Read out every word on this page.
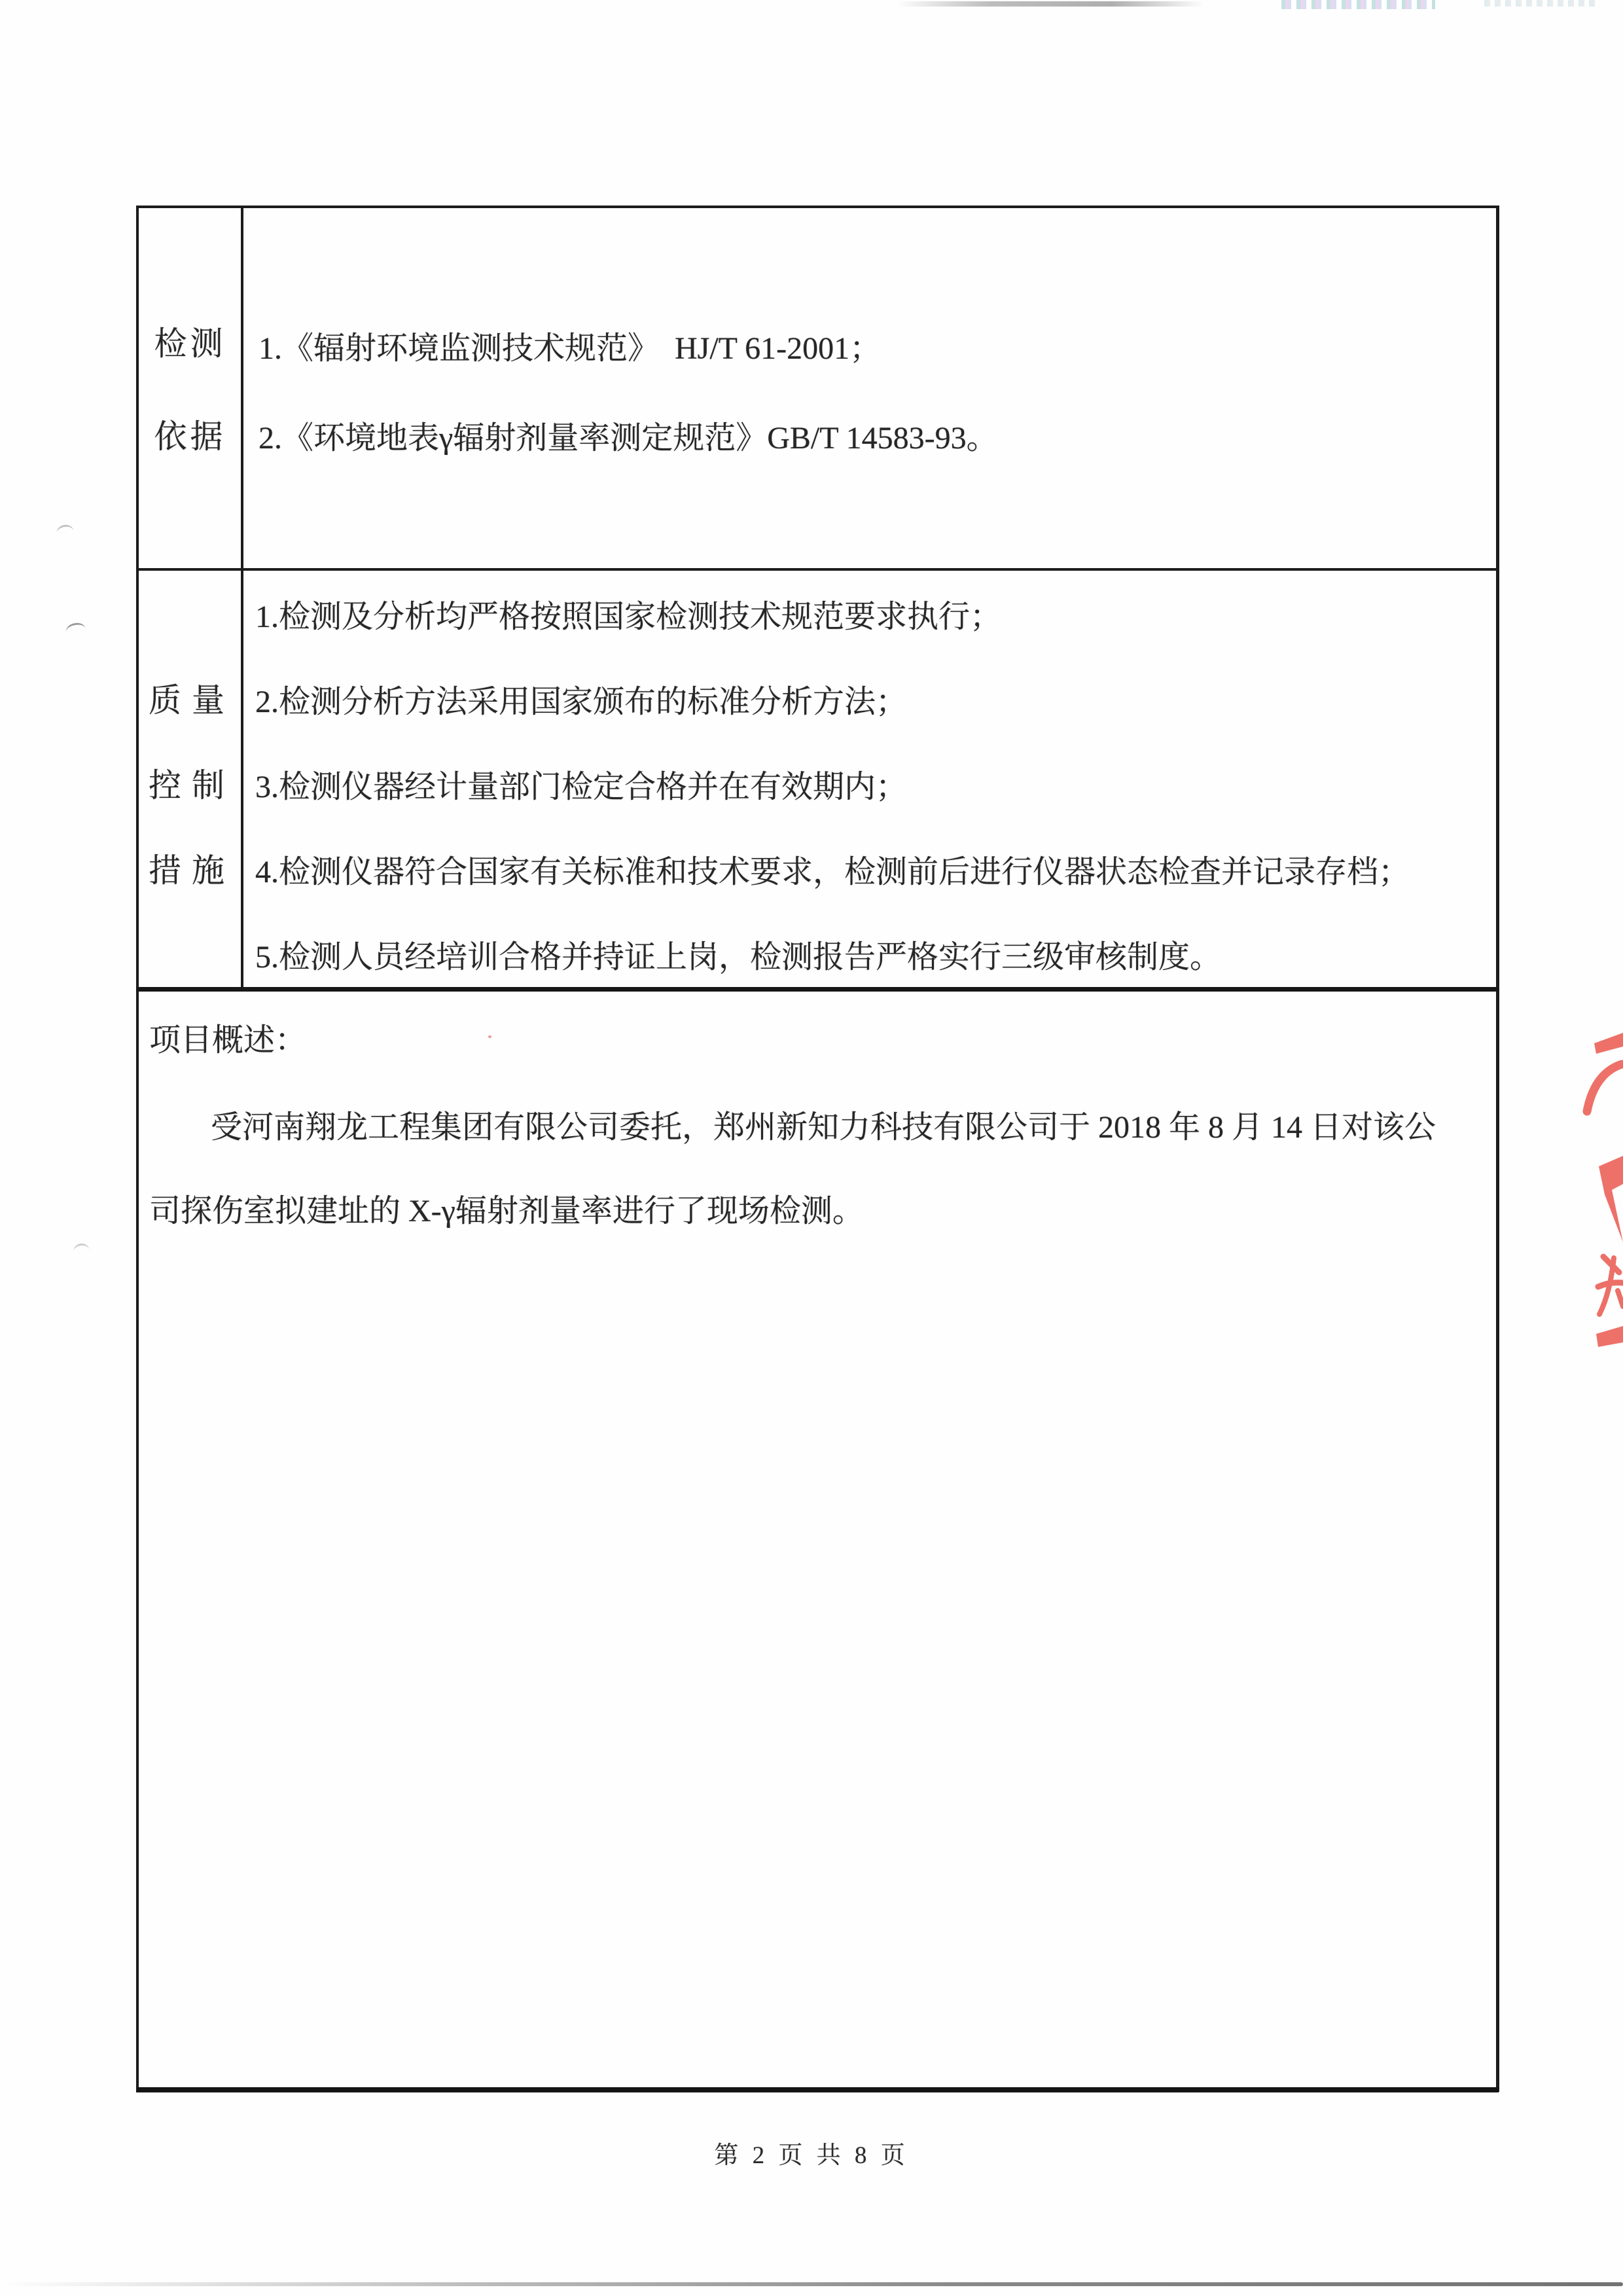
检测
依据
1.《辐射环境监测技术规范》  HJ/T 61-2001；
2.《环境地表γ辐射剂量率测定规范》GB/T 14583-93。
质量
控制
措施
1.检测及分析均严格按照国家检测技术规范要求执行；
2.检测分析方法采用国家颁布的标准分析方法；
3.检测仪器经计量部门检定合格并在有效期内；
4.检测仪器符合国家有关标准和技术要求，检测前后进行仪器状态检查并记录存档；
5.检测人员经培训合格并持证上岗，检测报告严格实行三级审核制度。
项目概述：
受河南翔龙工程集团有限公司委托，郑州新知力科技有限公司于 2018 年 8 月 14 日对该公
司探伤室拟建址的 X-γ辐射剂量率进行了现场检测。
第 2 页 共 8 页
